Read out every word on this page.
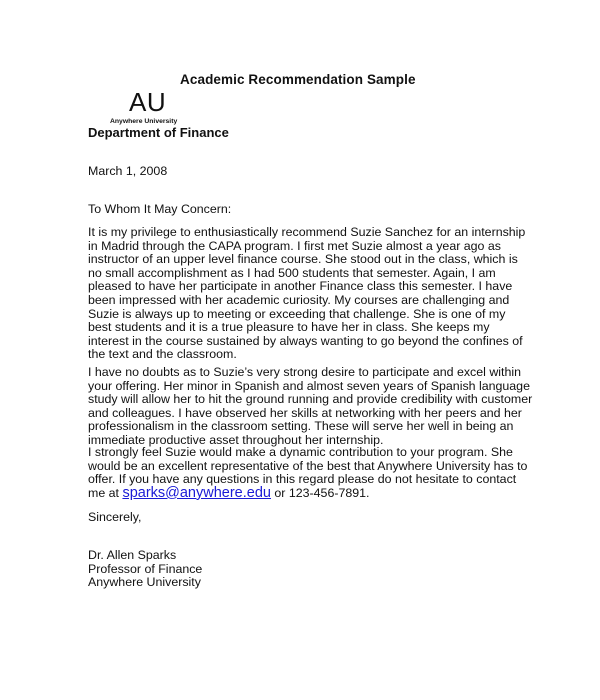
Academic Recommendation Sample
AU
Anywhere University
Department of Finance
March 1, 2008
To Whom It May Concern:
It is my privilege to enthusiastically recommend Suzie Sanchez for an internship
in Madrid through the CAPA program. I first met Suzie almost a year ago as
instructor of an upper level finance course. She stood out in the class, which is
no small accomplishment as I had 500 students that semester. Again, I am
pleased to have her participate in another Finance class this semester. I have
been impressed with her academic curiosity. My courses are challenging and
Suzie is always up to meeting or exceeding that challenge. She is one of my
best students and it is a true pleasure to have her in class. She keeps my
interest in the course sustained by always wanting to go beyond the confines of
the text and the classroom.
I have no doubts as to Suzie’s very strong desire to participate and excel within
your offering. Her minor in Spanish and almost seven years of Spanish language
study will allow her to hit the ground running and provide credibility with customer
and colleagues. I have observed her skills at networking with her peers and her
professionalism in the classroom setting. These will serve her well in being an
immediate productive asset throughout her internship.
I strongly feel Suzie would make a dynamic contribution to your program. She
would be an excellent representative of the best that Anywhere University has to
offer. If you have any questions in this regard please do not hesitate to contact
me at sparks@anywhere.edu or 123-456-7891.
Sincerely,
Dr. Allen Sparks
Professor of Finance
Anywhere University
